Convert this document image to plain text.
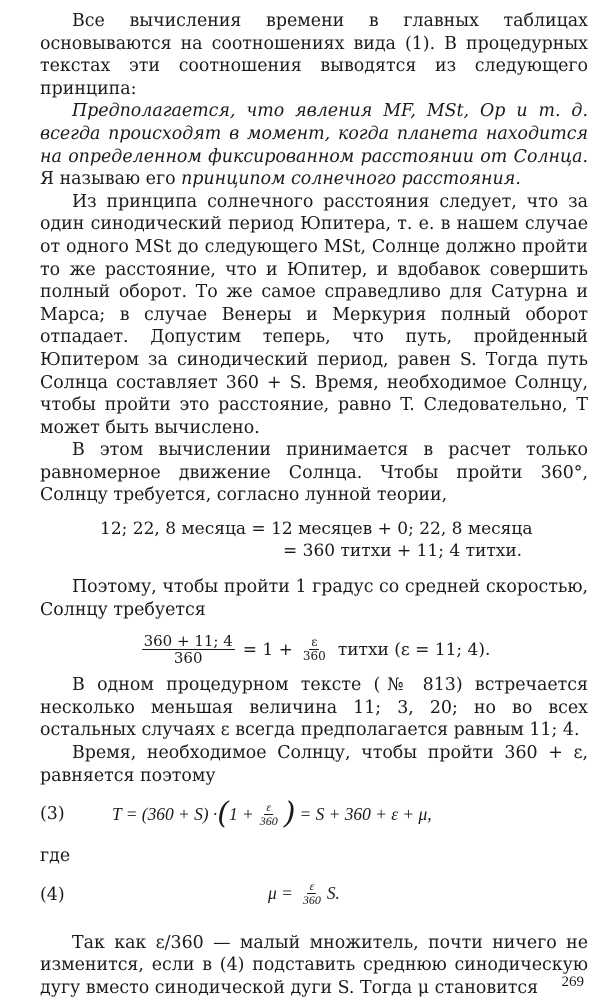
Все вычисления времени в главных таблицах основываются на соотношениях вида (1). В процедурных текстах эти соотношения выводятся из следующего принципа:

Предполагается, что явления MF, MSt, Op и т. д. всегда происходят в момент, когда планета находится на определенном фиксированном расстоянии от Солнца. Я называю его принципом солнечного расстояния.

Из принципа солнечного расстояния следует, что за один синодический период Юпитера, т. е. в нашем случае от одного MSt до следующего MSt, Солнце должно пройти то же расстояние, что и Юпитер, и вдобавок совершить полный оборот. То же самое справедливо для Сатурна и Марса; в случае Венеры и Меркурия полный оборот отпадает. Допустим теперь, что путь, пройденный Юпитером за синодический период, равен S. Тогда путь Солнца составляет 360 + S. Время, необходимое Солнцу, чтобы пройти это расстояние, равно T. Следовательно, T может быть вычислено.

В этом вычислении принимается в расчет только равномерное движение Солнца. Чтобы пройти 360°, Солнцу требуется, согласно лунной теории,

12; 22, 8 месяца = 12 месяцев + 0; 22, 8 месяца
= 360 титхи + 11; 4 титхи.

Поэтому, чтобы пройти 1 градус со средней скоростью, Солнцу требуется

$\frac{360 + 11; 4}{360} = 1 + \frac{\varepsilon}{360}$ титхи (ε = 11; 4).

В одном процедурном тексте (№ 813) встречается несколько меньшая величина 11; 3, 20; но во всех остальных случаях ε всегда предполагается равным 11; 4.

Время, необходимое Солнцу, чтобы пройти 360 + ε, равняется поэтому

(3)	T = (360 + S) · ( $1 + \frac{\varepsilon}{360}$ ) = S + 360 + ε + μ,

где

(4)	$\mu = \frac{\varepsilon}{360} S$.

Так как ε/360 — малый множитель, почти ничего не изменится, если в (4) подставить среднюю синодическую дугу вместо синодической дуги S. Тогда μ становится	269
